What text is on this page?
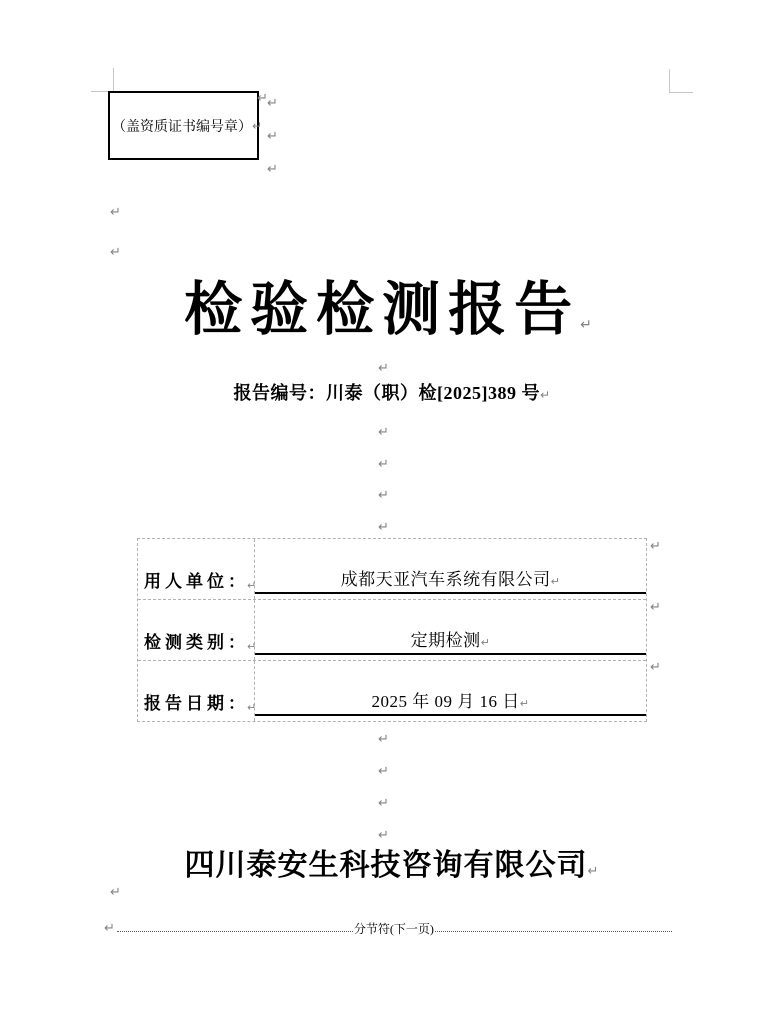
（盖资质证书编号章） ↵
↵ ↵
↵
↵
↵
↵
检验检测报告↵
↵
报告编号：川泰（职）检[2025]389 号↵
↵
↵
↵
↵
用人单位：
↵	成都天亚汽车系统有限公司↵
检测类别：
↵	定期检测↵
报告日期：
↵	2025 年 09 月 16 日↵
↵
↵
↵
↵
↵
↵
↵
四川泰安生科技咨询有限公司↵
↵
↵	分节符(下一页)
